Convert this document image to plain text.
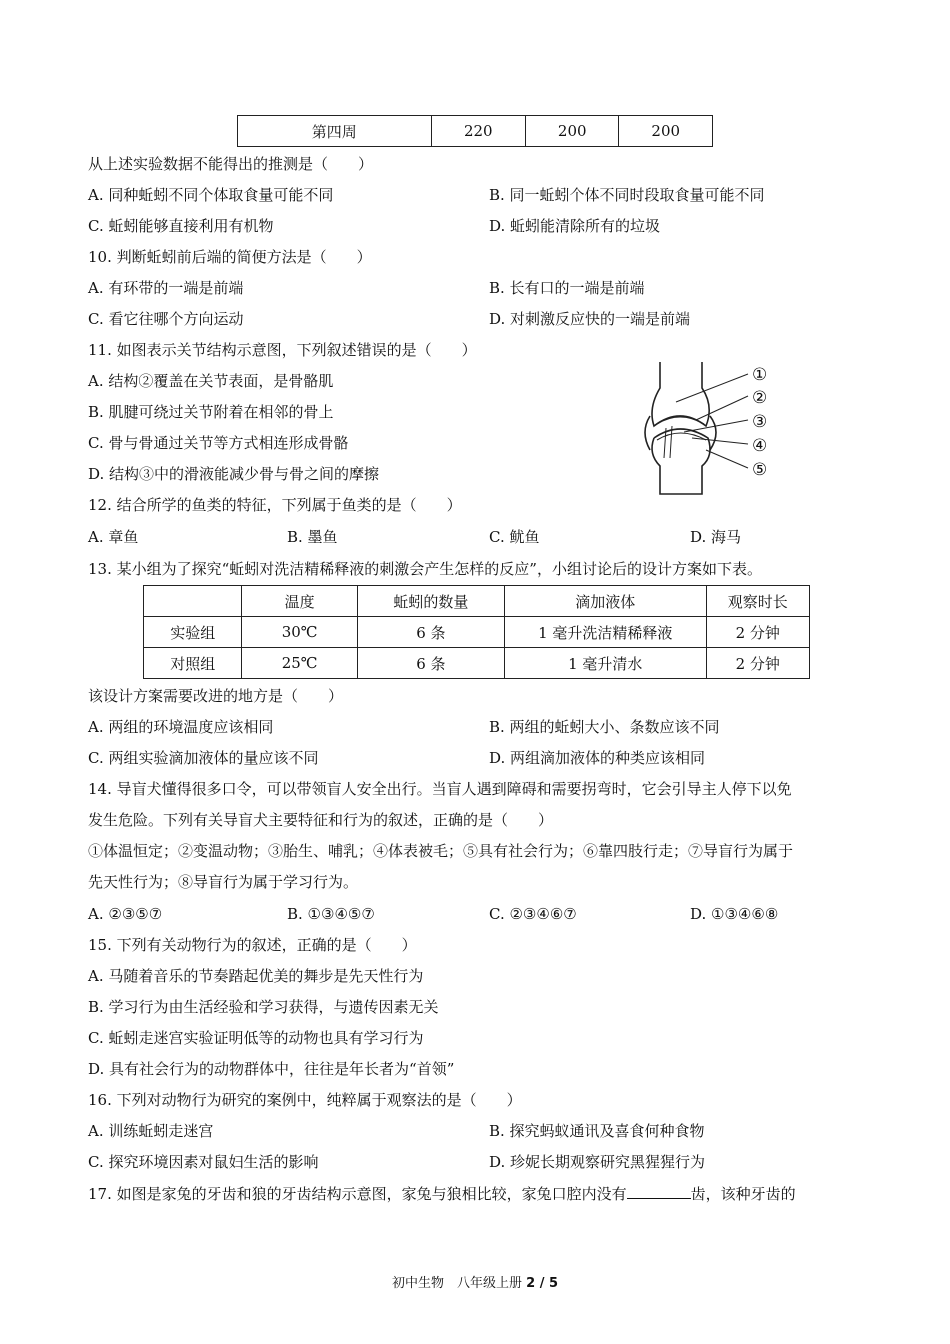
第四周	220	200	200
从上述实验数据不能得出的推测是（　　）
A. 同种蚯蚓不同个体取食量可能不同	B. 同一蚯蚓个体不同时段取食量可能不同
C. 蚯蚓能够直接利用有机物	D. 蚯蚓能清除所有的垃圾
10. 判断蚯蚓前后端的简便方法是（　　）
A. 有环带的一端是前端	B. 长有口的一端是前端
C. 看它往哪个方向运动	D. 对刺激反应快的一端是前端
11. 如图表示关节结构示意图，下列叙述错误的是（　　）
A. 结构②覆盖在关节表面，是骨骼肌
B. 肌腱可绕过关节附着在相邻的骨上
C. 骨与骨通过关节等方式相连形成骨骼
D. 结构③中的滑液能减少骨与骨之间的摩擦
①
②
③
④
⑤
12. 结合所学的鱼类的特征，下列属于鱼类的是（　　）
A. 章鱼	B. 墨鱼	C. 鱿鱼	D. 海马
13. 某小组为了探究“蚯蚓对洗洁精稀释液的刺激会产生怎样的反应”，小组讨论后的设计方案如下表。
	温度	蚯蚓的数量	滴加液体	观察时长
实验组	30℃	6 条	1 毫升洗洁精稀释液	2 分钟
对照组	25℃	6 条	1 毫升清水	2 分钟
该设计方案需要改进的地方是（　　）
A. 两组的环境温度应该相同	B. 两组的蚯蚓大小、条数应该不同
C. 两组实验滴加液体的量应该不同	D. 两组滴加液体的种类应该相同
14. 导盲犬懂得很多口令，可以带领盲人安全出行。当盲人遇到障碍和需要拐弯时，它会引导主人停下以免
发生危险。下列有关导盲犬主要特征和行为的叙述，正确的是（　　）
①体温恒定；②变温动物；③胎生、哺乳；④体表被毛；⑤具有社会行为；⑥靠四肢行走；⑦导盲行为属于
先天性行为；⑧导盲行为属于学习行为。
A. ②③⑤⑦	B. ①③④⑤⑦	C. ②③④⑥⑦	D. ①③④⑥⑧
15. 下列有关动物行为的叙述，正确的是（　　）
A. 马随着音乐的节奏踏起优美的舞步是先天性行为
B. 学习行为由生活经验和学习获得，与遗传因素无关
C. 蚯蚓走迷宫实验证明低等的动物也具有学习行为
D. 具有社会行为的动物群体中，往往是年长者为“首领”
16. 下列对动物行为研究的案例中，纯粹属于观察法的是（　　）
A. 训练蚯蚓走迷宫	B. 探究蚂蚁通讯及喜食何种食物
C. 探究环境因素对鼠妇生活的影响	D. 珍妮长期观察研究黑猩猩行为
17. 如图是家兔的牙齿和狼的牙齿结构示意图，家兔与狼相比较，家兔口腔内没有	齿，该种牙齿的
初中生物　八年级上册 2 / 5
